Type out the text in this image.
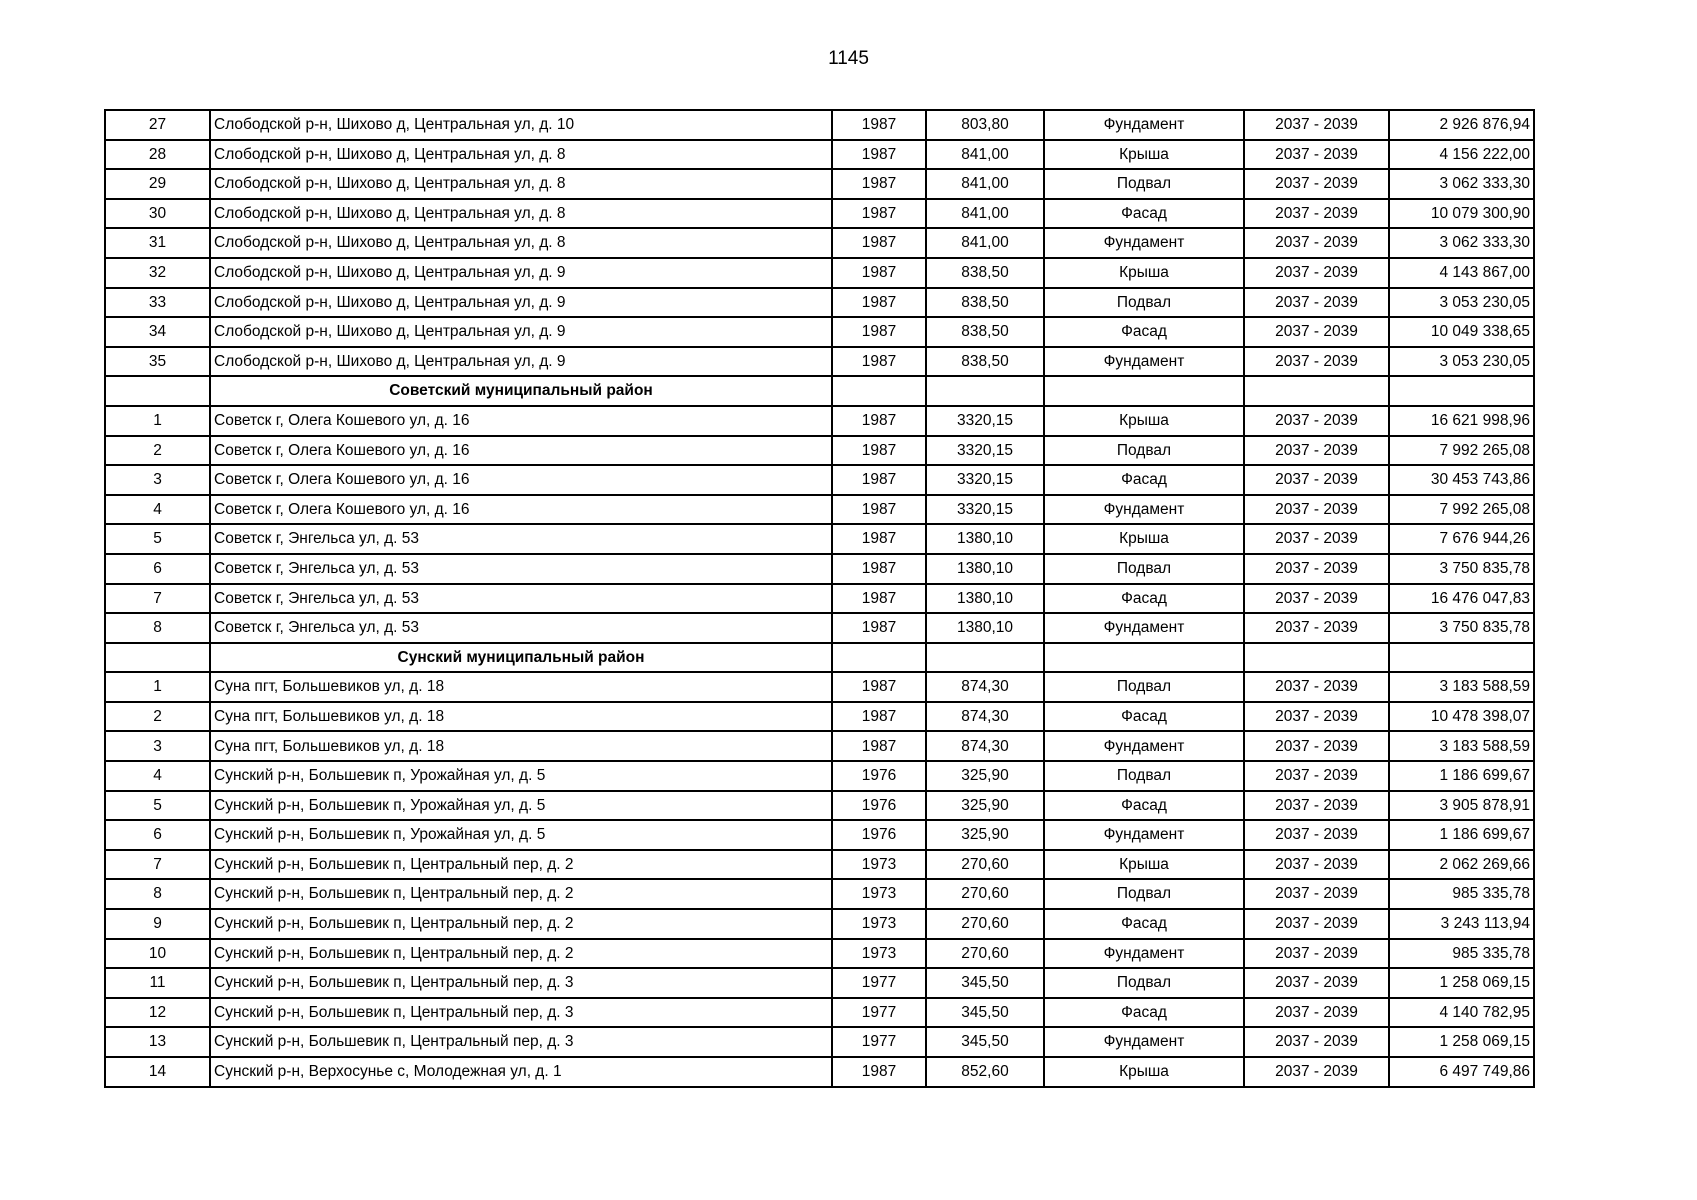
1145
27	Слободской р-н, Шихово д, Центральная ул, д. 10	1987	803,80	Фундамент	2037 - 2039	2 926 876,94
28	Слободской р-н, Шихово д, Центральная ул, д. 8	1987	841,00	Крыша	2037 - 2039	4 156 222,00
29	Слободской р-н, Шихово д, Центральная ул, д. 8	1987	841,00	Подвал	2037 - 2039	3 062 333,30
30	Слободской р-н, Шихово д, Центральная ул, д. 8	1987	841,00	Фасад	2037 - 2039	10 079 300,90
31	Слободской р-н, Шихово д, Центральная ул, д. 8	1987	841,00	Фундамент	2037 - 2039	3 062 333,30
32	Слободской р-н, Шихово д, Центральная ул, д. 9	1987	838,50	Крыша	2037 - 2039	4 143 867,00
33	Слободской р-н, Шихово д, Центральная ул, д. 9	1987	838,50	Подвал	2037 - 2039	3 053 230,05
34	Слободской р-н, Шихово д, Центральная ул, д. 9	1987	838,50	Фасад	2037 - 2039	10 049 338,65
35	Слободской р-н, Шихово д, Центральная ул, д. 9	1987	838,50	Фундамент	2037 - 2039	3 053 230,05
	Советский муниципальный район					
1	Советск г, Олега Кошевого ул, д. 16	1987	3320,15	Крыша	2037 - 2039	16 621 998,96
2	Советск г, Олега Кошевого ул, д. 16	1987	3320,15	Подвал	2037 - 2039	7 992 265,08
3	Советск г, Олега Кошевого ул, д. 16	1987	3320,15	Фасад	2037 - 2039	30 453 743,86
4	Советск г, Олега Кошевого ул, д. 16	1987	3320,15	Фундамент	2037 - 2039	7 992 265,08
5	Советск г, Энгельса ул, д. 53	1987	1380,10	Крыша	2037 - 2039	7 676 944,26
6	Советск г, Энгельса ул, д. 53	1987	1380,10	Подвал	2037 - 2039	3 750 835,78
7	Советск г, Энгельса ул, д. 53	1987	1380,10	Фасад	2037 - 2039	16 476 047,83
8	Советск г, Энгельса ул, д. 53	1987	1380,10	Фундамент	2037 - 2039	3 750 835,78
	Сунский муниципальный район					
1	Суна пгт, Большевиков ул, д. 18	1987	874,30	Подвал	2037 - 2039	3 183 588,59
2	Суна пгт, Большевиков ул, д. 18	1987	874,30	Фасад	2037 - 2039	10 478 398,07
3	Суна пгт, Большевиков ул, д. 18	1987	874,30	Фундамент	2037 - 2039	3 183 588,59
4	Сунский р-н, Большевик п, Урожайная ул, д. 5	1976	325,90	Подвал	2037 - 2039	1 186 699,67
5	Сунский р-н, Большевик п, Урожайная ул, д. 5	1976	325,90	Фасад	2037 - 2039	3 905 878,91
6	Сунский р-н, Большевик п, Урожайная ул, д. 5	1976	325,90	Фундамент	2037 - 2039	1 186 699,67
7	Сунский р-н, Большевик п, Центральный пер, д. 2	1973	270,60	Крыша	2037 - 2039	2 062 269,66
8	Сунский р-н, Большевик п, Центральный пер, д. 2	1973	270,60	Подвал	2037 - 2039	985 335,78
9	Сунский р-н, Большевик п, Центральный пер, д. 2	1973	270,60	Фасад	2037 - 2039	3 243 113,94
10	Сунский р-н, Большевик п, Центральный пер, д. 2	1973	270,60	Фундамент	2037 - 2039	985 335,78
11	Сунский р-н, Большевик п, Центральный пер, д. 3	1977	345,50	Подвал	2037 - 2039	1 258 069,15
12	Сунский р-н, Большевик п, Центральный пер, д. 3	1977	345,50	Фасад	2037 - 2039	4 140 782,95
13	Сунский р-н, Большевик п, Центральный пер, д. 3	1977	345,50	Фундамент	2037 - 2039	1 258 069,15
14	Сунский р-н, Верхосунье с, Молодежная ул, д. 1	1987	852,60	Крыша	2037 - 2039	6 497 749,86
